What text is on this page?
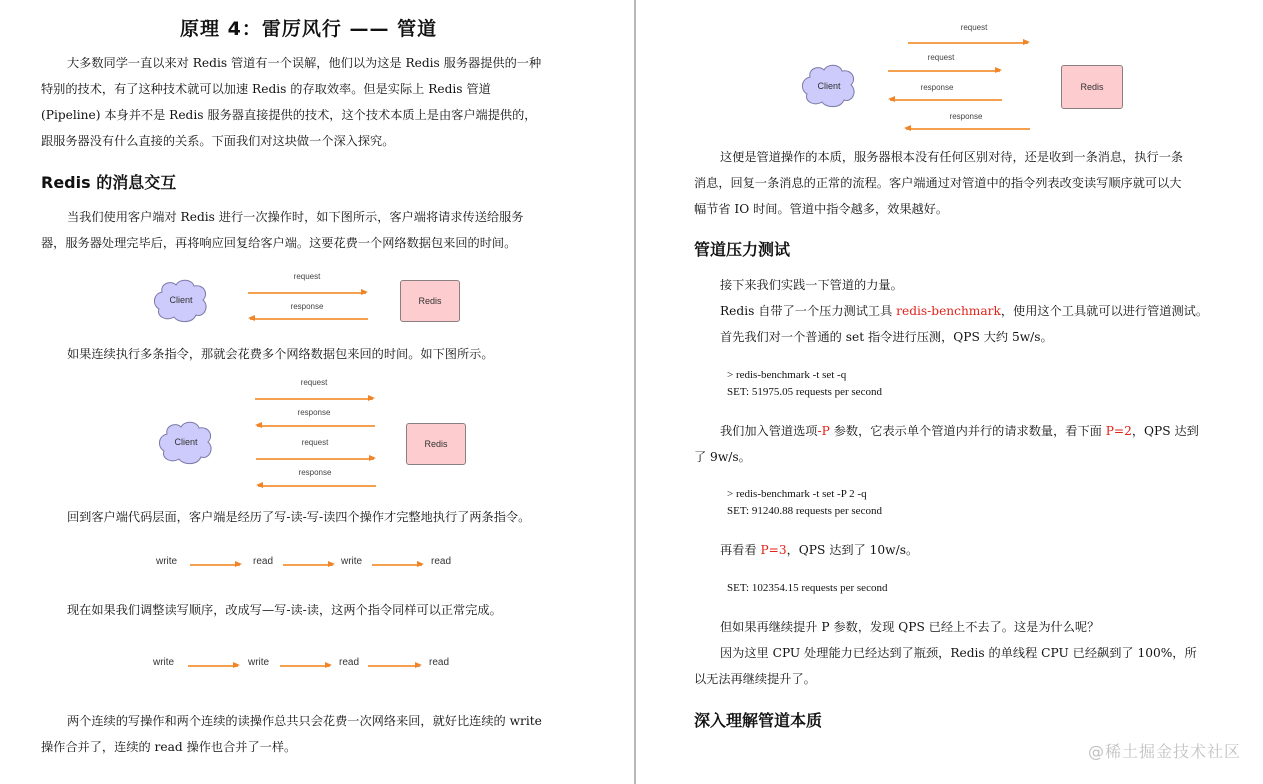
原理 4：雷厉风行 —— 管道
大多数同学一直以来对 Redis 管道有一个误解，他们以为这是 Redis 服务器提供的一种
特别的技术，有了这种技术就可以加速 Redis 的存取效率。但是实际上 Redis 管道
(Pipeline) 本身并不是 Redis 服务器直接提供的技术，这个技术本质上是由客户端提供的，
跟服务器没有什么直接的关系。下面我们对这块做一个深入探究。
Redis 的消息交互
当我们使用客户端对 Redis 进行一次操作时，如下图所示，客户端将请求传送给服务
器，服务器处理完毕后，再将响应回复给客户端。这要花费一个网络数据包来回的时间。
Client
request
response
Redis
如果连续执行多条指令，那就会花费多个网络数据包来回的时间。如下图所示。
Client
request
response
request
response
Redis
回到客户端代码层面，客户端是经历了写-读-写-读四个操作才完整地执行了两条指令。
write	read	write	read
现在如果我们调整读写顺序，改成写—写-读-读，这两个指令同样可以正常完成。
write	write	read	read
两个连续的写操作和两个连续的读操作总共只会花费一次网络来回，就好比连续的 write
操作合并了，连续的 read 操作也合并了一样。
Client
request
request
response
response
Redis
这便是管道操作的本质，服务器根本没有任何区别对待，还是收到一条消息，执行一条
消息，回复一条消息的正常的流程。客户端通过对管道中的指令列表改变读写顺序就可以大
幅节省 IO 时间。管道中指令越多，效果越好。
管道压力测试
接下来我们实践一下管道的力量。
Redis 自带了一个压力测试工具 redis-benchmark，使用这个工具就可以进行管道测试。
首先我们对一个普通的 set 指令进行压测，QPS 大约 5w/s。
> redis-benchmark -t set -q
SET: 51975.05 requests per second
我们加入管道选项-P 参数，它表示单个管道内并行的请求数量，看下面 P=2，QPS 达到
了 9w/s。
> redis-benchmark -t set -P 2 -q
SET: 91240.88 requests per second
再看看 P=3，QPS 达到了 10w/s。
SET: 102354.15 requests per second
但如果再继续提升 P 参数，发现 QPS 已经上不去了。这是为什么呢？
因为这里 CPU 处理能力已经达到了瓶颈，Redis 的单线程 CPU 已经飙到了 100%，所
以无法再继续提升了。
深入理解管道本质
@稀土掘金技术社区
